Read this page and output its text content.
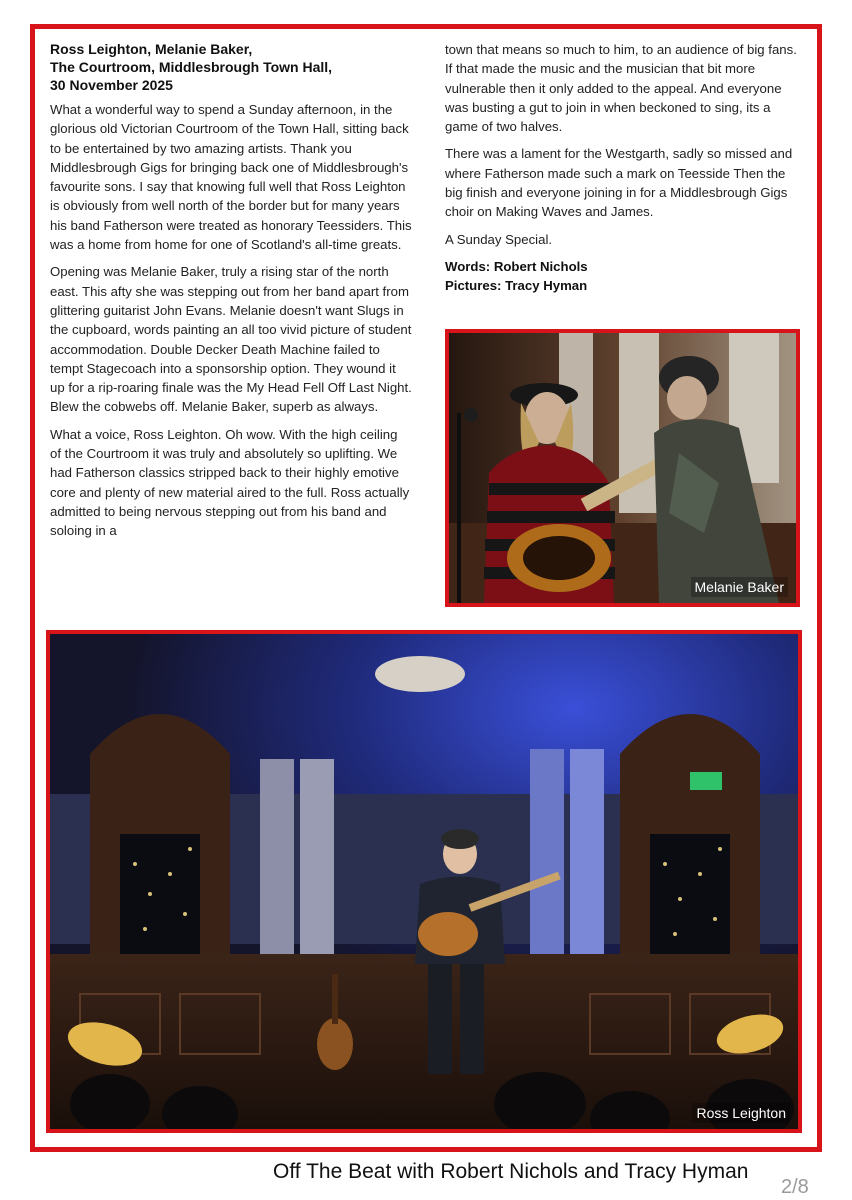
Ross Leighton, Melanie Baker,
The Courtroom, Middlesbrough Town Hall,
30 November 2025

What a wonderful way to spend a Sunday afternoon, in the glorious old Victorian Courtroom of the Town Hall, sitting back to be entertained by two amazing artists. Thank you Middlesbrough Gigs for bringing back one of Middlesbrough's favourite sons. I say that knowing full well that Ross Leighton is obviously from well north of the border but for many years his band Fatherson were treated as honorary Teessiders. This was a home from home for one of Scotland's all-time greats.

Opening was Melanie Baker, truly a rising star of the north east. This afty she was stepping out from her band apart from glittering guitarist John Evans. Melanie doesn't want Slugs in the cupboard, words painting an all too vivid picture of student accommodation. Double Decker Death Machine failed to tempt Stagecoach into a sponsorship option. They wound it up for a rip-roaring finale was the My Head Fell Off Last Night. Blew the cobwebs off. Melanie Baker, superb as always.

What a voice, Ross Leighton. Oh wow. With the high ceiling of the Courtroom it was truly and absolutely so uplifting. We had Fatherson classics stripped back to their highly emotive core and plenty of new material aired to the full. Ross actually admitted to being nervous stepping out from his band and soloing in a

town that means so much to him, to an audience of big fans. If that made the music and the musician that bit more vulnerable then it only added to the appeal. And everyone was busting a gut to join in when beckoned to sing, its a game of two halves.

There was a lament for the Westgarth, sadly so missed and where Fatherson made such a mark on Teesside Then the big finish and everyone joining in for a Middlesbrough Gigs choir on Making Waves and James.

A Sunday Special.

Words: Robert Nichols

Pictures: Tracy Hyman

Melanie Baker
Ross Leighton
Off The Beat with Robert Nichols and Tracy Hyman
2/8
